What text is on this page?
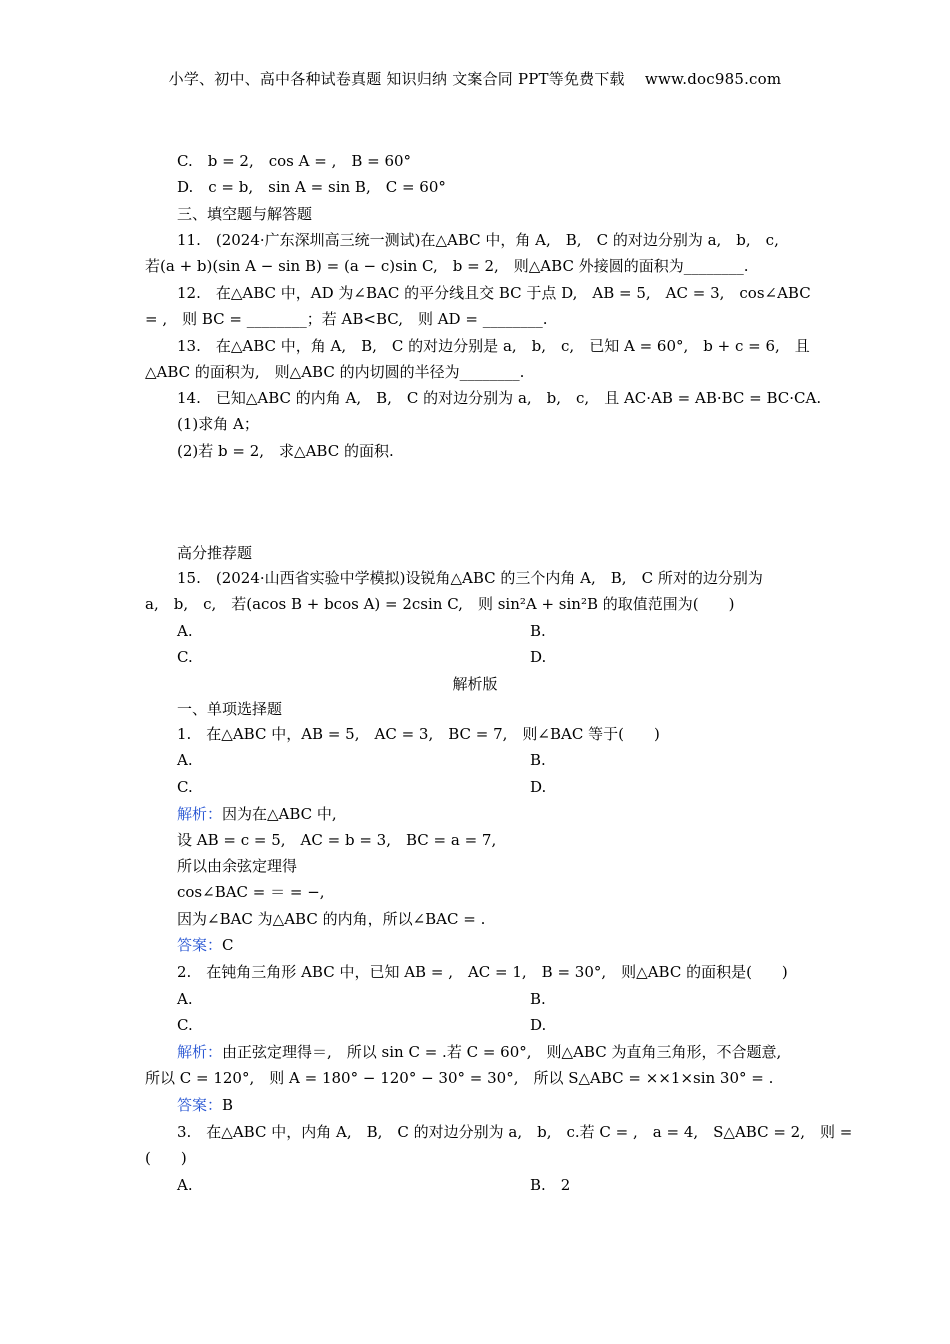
小学、初中、高中各种试卷真题 知识归纳 文案合同 PPT等免费下载　 www.doc985.com
C.　b = 2,　cos A = ,　B = 60°
D.　c = b,　sin A = sin B,　C = 60°
三、填空题与解答题
11.　(2024·广东深圳高三统一测试)在△ABC 中，角 A,　B,　C 的对边分别为 a,　b,　c,
若(a + b)(sin A − sin B) = (a − c)sin C,　b = 2,　则△ABC 外接圆的面积为________.
12.　在△ABC 中，AD 为∠BAC 的平分线且交 BC 于点 D,　AB = 5,　AC = 3,　cos∠ABC
= ,　则 BC = ________；若 AB<BC,　则 AD = ________.
13.　在△ABC 中，角 A,　B,　C 的对边分别是 a,　b,　c,　已知 A = 60°,　b + c = 6,　且
△ABC 的面积为,　则△ABC 的内切圆的半径为________.
14.　已知△ABC 的内角 A,　B,　C 的对边分别为 a,　b,　c,　且 AC·AB = AB·BC = BC·CA.
(1)求角 A；
(2)若 b = 2,　求△ABC 的面积.
高分推荐题
15.　(2024·山西省实验中学模拟)设锐角△ABC 的三个内角 A,　B,　C 所对的边分别为
a,　b,　c,　若(acos B + bcos A) = 2csin C,　则 sin²A + sin²B 的取值范围为(　　)
A.	B.
C.	D.
解析版
一、单项选择题
1.　在△ABC 中，AB = 5,　AC = 3,　BC = 7,　则∠BAC 等于(　　)
A.	B.
C.	D.
解析：因为在△ABC 中,
设 AB = c = 5,　AC = b = 3,　BC = a = 7,
所以由余弦定理得
cos∠BAC = ＝ = −,
因为∠BAC 为△ABC 的内角，所以∠BAC = .
答案：C
2.　在钝角三角形 ABC 中，已知 AB = ,　AC = 1,　B = 30°,　则△ABC 的面积是(　　)
A.	B.
C.	D.
解析：由正弦定理得＝,　所以 sin C = .若 C = 60°,　则△ABC 为直角三角形，不合题意,
所以 C = 120°,　则 A = 180° − 120° − 30° = 30°,　所以 S△ABC = ××1×sin 30° = .
答案：B
3.　在△ABC 中，内角 A,　B,　C 的对边分别为 a,　b,　c.若 C = ,　a = 4,　S△ABC = 2,　则 =
(　　)
A.	B.　2
